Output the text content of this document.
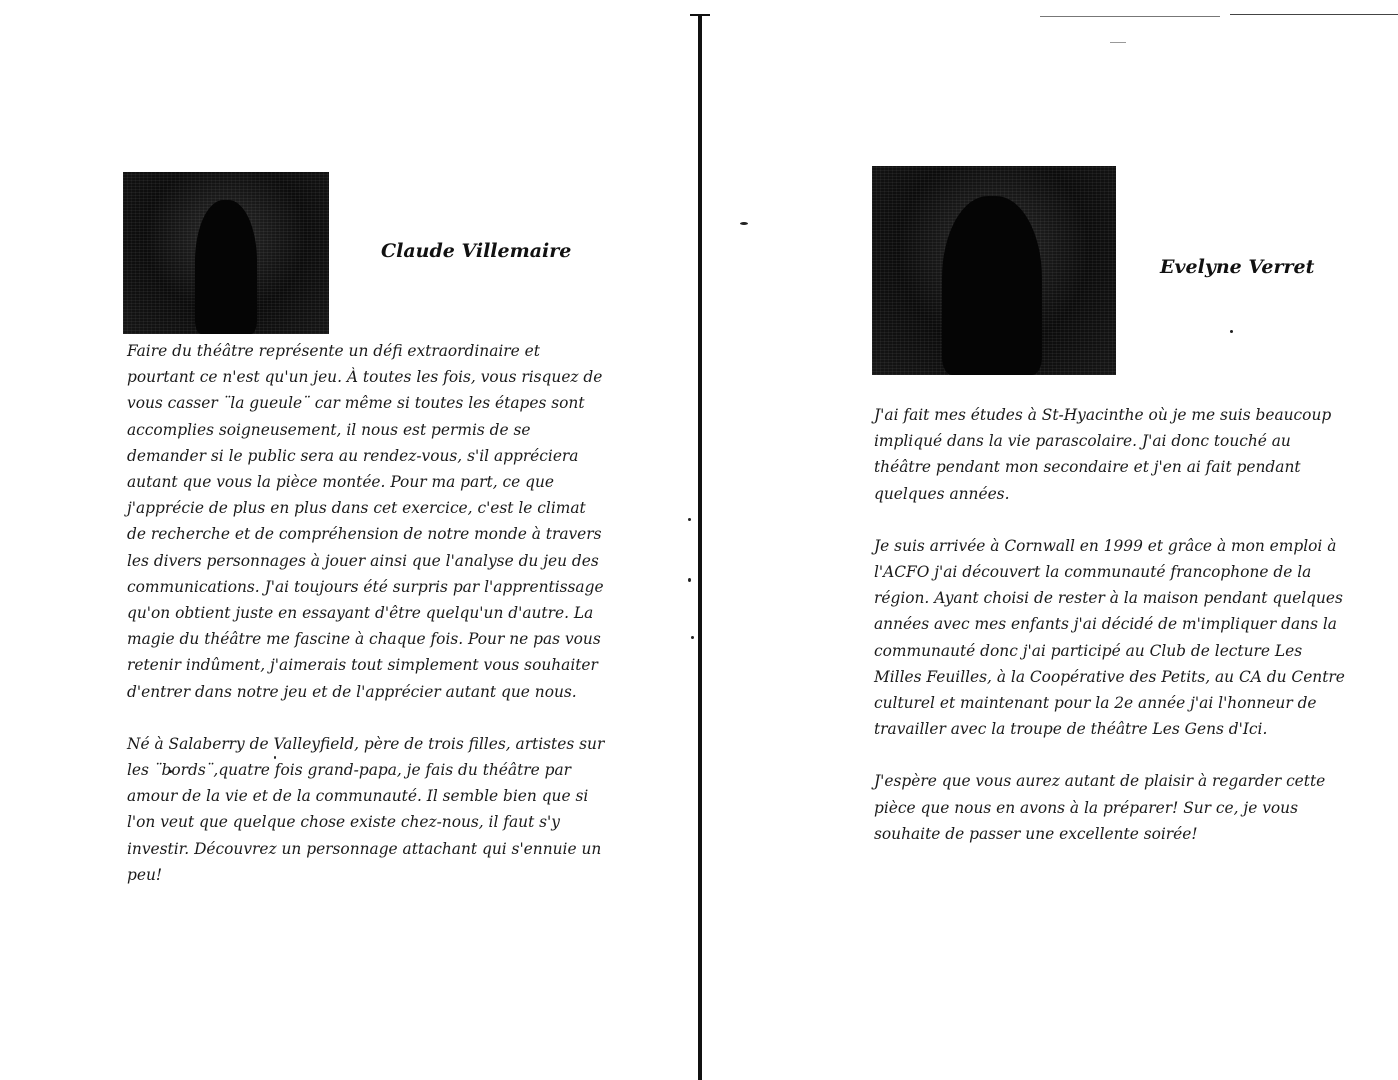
Claude Villemaire

Faire du théâtre représente un défi extraordinaire et pourtant ce n'est qu'un jeu. À toutes les fois, vous risquez de vous casser ¨la gueule¨ car même si toutes les étapes sont accomplies soigneusement, il nous est permis de se demander si le public sera au rendez-vous, s'il appréciera autant que vous la pièce montée. Pour ma part, ce que j'apprécie de plus en plus dans cet exercice, c'est le climat de recherche et de compréhension de notre monde à travers les divers personnages à jouer ainsi que l'analyse du jeu des communications. J'ai toujours été surpris par l'apprentissage qu'on obtient juste en essayant d'être quelqu'un d'autre. La magie du théâtre me fascine à chaque fois. Pour ne pas vous retenir indûment, j'aimerais tout simplement vous souhaiter d'entrer dans notre jeu et de l'apprécier autant que nous.

Né à Salaberry de Valleyfield, père de trois filles, artistes sur les ¨bords¨,quatre fois grand-papa, je fais du théâtre par amour de la vie et de la communauté. Il semble bien que si l'on veut que quelque chose existe chez-nous, il faut s'y investir. Découvrez un personnage attachant qui s'ennuie un peu!

Evelyne Verret

J'ai fait mes études à St-Hyacinthe où je me suis beaucoup impliqué dans la vie parascolaire. J'ai donc touché au théâtre pendant mon secondaire et j'en ai fait pendant quelques années.

Je suis arrivée à Cornwall en 1999 et grâce à mon emploi à l'ACFO j'ai découvert la communauté francophone de la région. Ayant choisi de rester à la maison pendant quelques années avec mes enfants j'ai décidé de m'impliquer dans la communauté donc j'ai participé au Club de lecture Les Milles Feuilles, à la Coopérative des Petits, au CA du Centre culturel et maintenant pour la 2e année j'ai l'honneur de travailler avec la troupe de théâtre Les Gens d'Ici.

J'espère que vous aurez autant de plaisir à regarder cette pièce que nous en avons à la préparer! Sur ce, je vous souhaite de passer une excellente soirée!
